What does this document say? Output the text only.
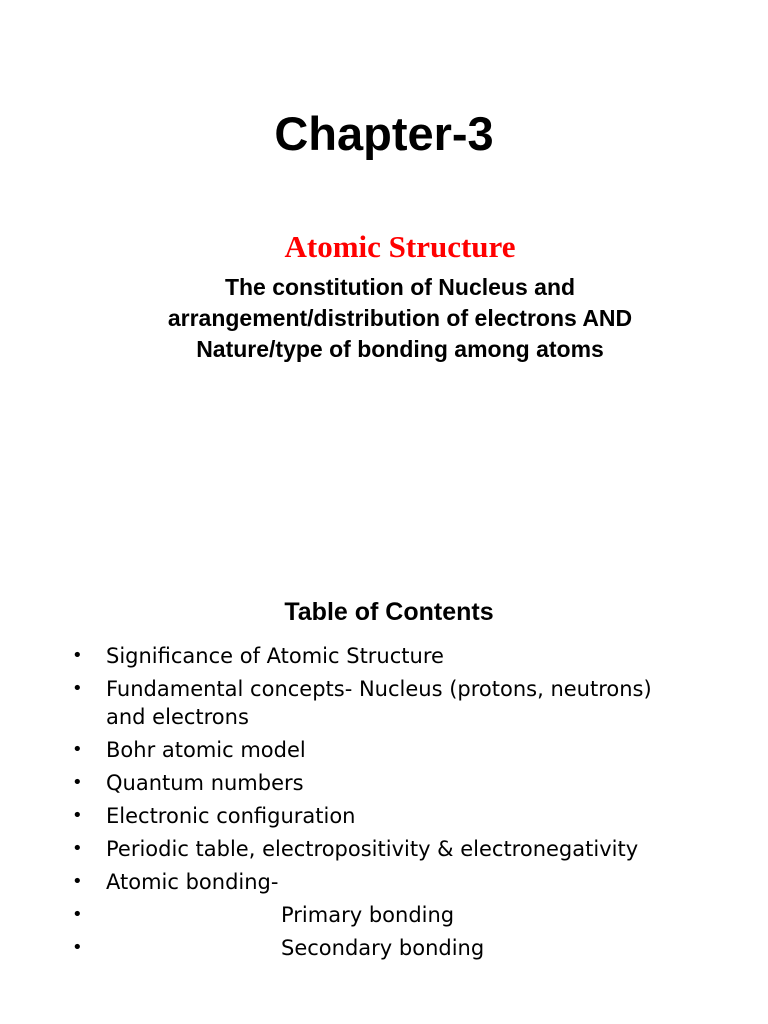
Chapter-3
Atomic Structure
The constitution of Nucleus and
arrangement/distribution of electrons AND
Nature/type of bonding among atoms
Table of Contents
• Significance of Atomic Structure
• Fundamental concepts- Nucleus (protons, neutrons) and electrons
• Bohr atomic model
• Quantum numbers
• Electronic configuration
• Periodic table, electropositivity & electronegativity
• Atomic bonding-
•	Primary bonding
•	Secondary bonding
